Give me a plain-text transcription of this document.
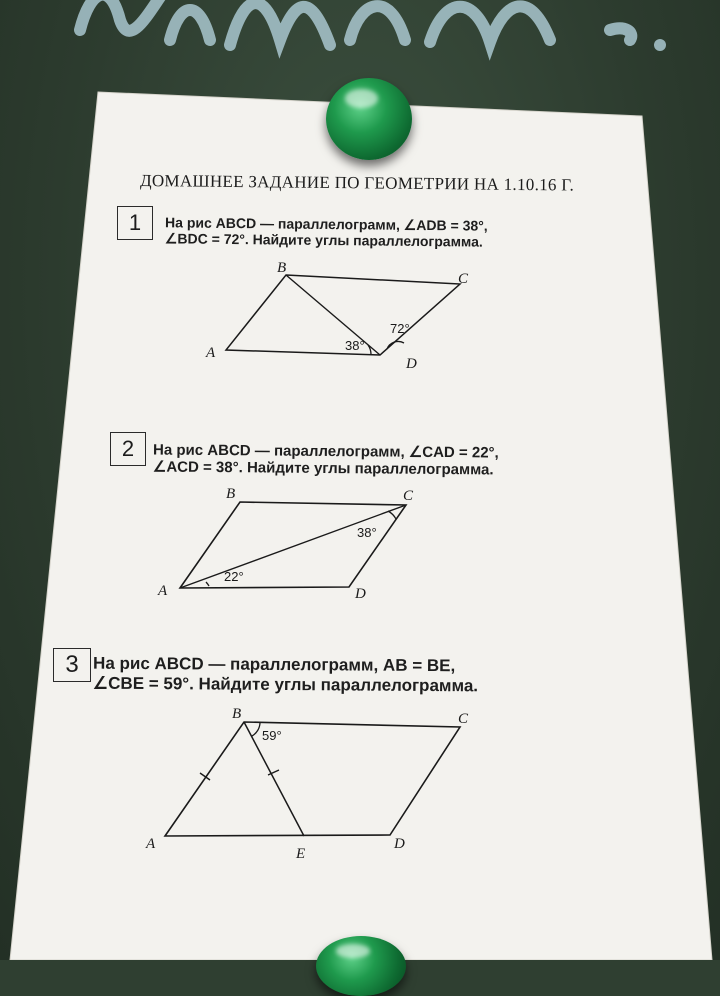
ДОМАШНЕЕ ЗАДАНИЕ ПО ГЕОМЕТРИИ НА 1.10.16 Г.
1 На рис ABCD — параллелограмм, ∠ADB = 38°,
∠BDC = 72°. Найдите углы параллелограмма.
B
C
A
D
38°
72°
2 На рис ABCD — параллелограмм, ∠CAD = 22°,
∠ACD = 38°. Найдите углы параллелограмма.
B	C
A	D
22°
38°
3 На рис ABCD — параллелограмм, AB = BE,
∠CBE = 59°. Найдите углы параллелограмма.
B	C
A	D
E
59°
